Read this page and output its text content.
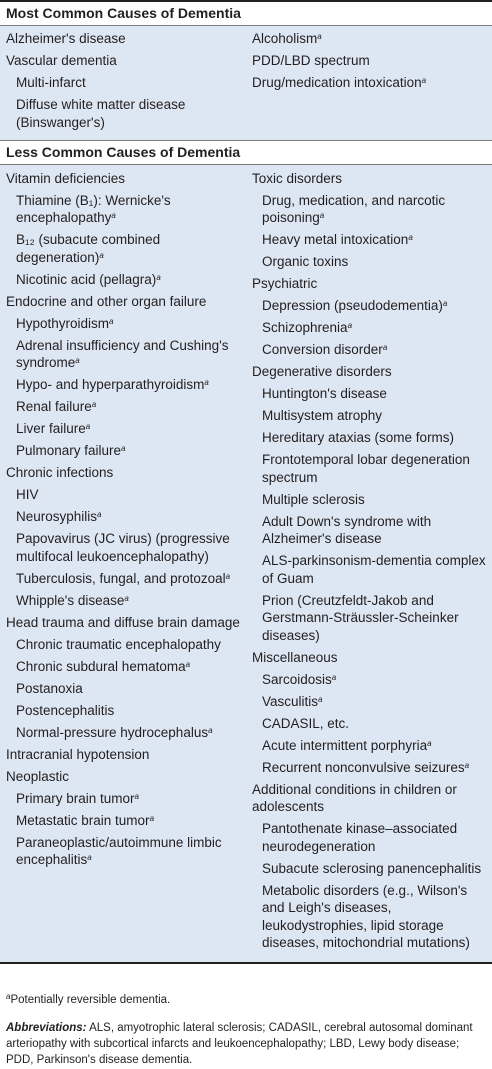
Most Common Causes of Dementia
Alzheimer's disease
Vascular dementia
Multi-infarct
Diffuse white matter disease (Binswanger's)
Alcoholism$^a$
PDD/LBD spectrum
Drug/medication intoxication$^a$
Less Common Causes of Dementia
Vitamin deficiencies
Thiamine (B₁): Wernicke's encephalopathy$^a$
B₁₂ (subacute combined degeneration)$^a$
Nicotinic acid (pellagra)$^a$
Endocrine and other organ failure
Hypothyroidism$^a$
Adrenal insufficiency and Cushing's syndrome$^a$
Hypo- and hyperparathyroidism$^a$
Renal failure$^a$
Liver failure$^a$
Pulmonary failure$^a$
Chronic infections
HIV
Neurosyphilis$^a$
Papovavirus (JC virus) (progressive multifocal leukoencephalopathy)
Tuberculosis, fungal, and protozoal$^a$
Whipple's disease$^a$
Head trauma and diffuse brain damage
Chronic traumatic encephalopathy
Chronic subdural hematoma$^a$
Postanoxia
Postencephalitis
Normal-pressure hydrocephalus$^a$
Intracranial hypotension
Neoplastic
Primary brain tumor$^a$
Metastatic brain tumor$^a$
Paraneoplastic/autoimmune limbic encephalitis$^a$
Toxic disorders
Drug, medication, and narcotic poisoning$^a$
Heavy metal intoxication$^a$
Organic toxins
Psychiatric
Depression (pseudodementia)$^a$
Schizophrenia$^a$
Conversion disorder$^a$
Degenerative disorders
Huntington's disease
Multisystem atrophy
Hereditary ataxias (some forms)
Frontotemporal lobar degeneration spectrum
Multiple sclerosis
Adult Down's syndrome with Alzheimer's disease
ALS-parkinsonism-dementia complex of Guam
Prion (Creutzfeldt-Jakob and Gerstmann-Sträussler-Scheinker diseases)
Miscellaneous
Sarcoidosis$^a$
Vasculitis$^a$
CADASIL, etc.
Acute intermittent porphyria$^a$
Recurrent nonconvulsive seizures$^a$
Additional conditions in children or adolescents
Pantothenate kinase–associated neurodegeneration
Subacute sclerosing panencephalitis
Metabolic disorders (e.g., Wilson's and Leigh's diseases, leukodystrophies, lipid storage diseases, mitochondrial mutations)
$^a$Potentially reversible dementia.
Abbreviations: ALS, amyotrophic lateral sclerosis; CADASIL, cerebral autosomal dominant arteriopathy with subcortical infarcts and leukoencephalopathy; LBD, Lewy body disease; PDD, Parkinson's disease dementia.
